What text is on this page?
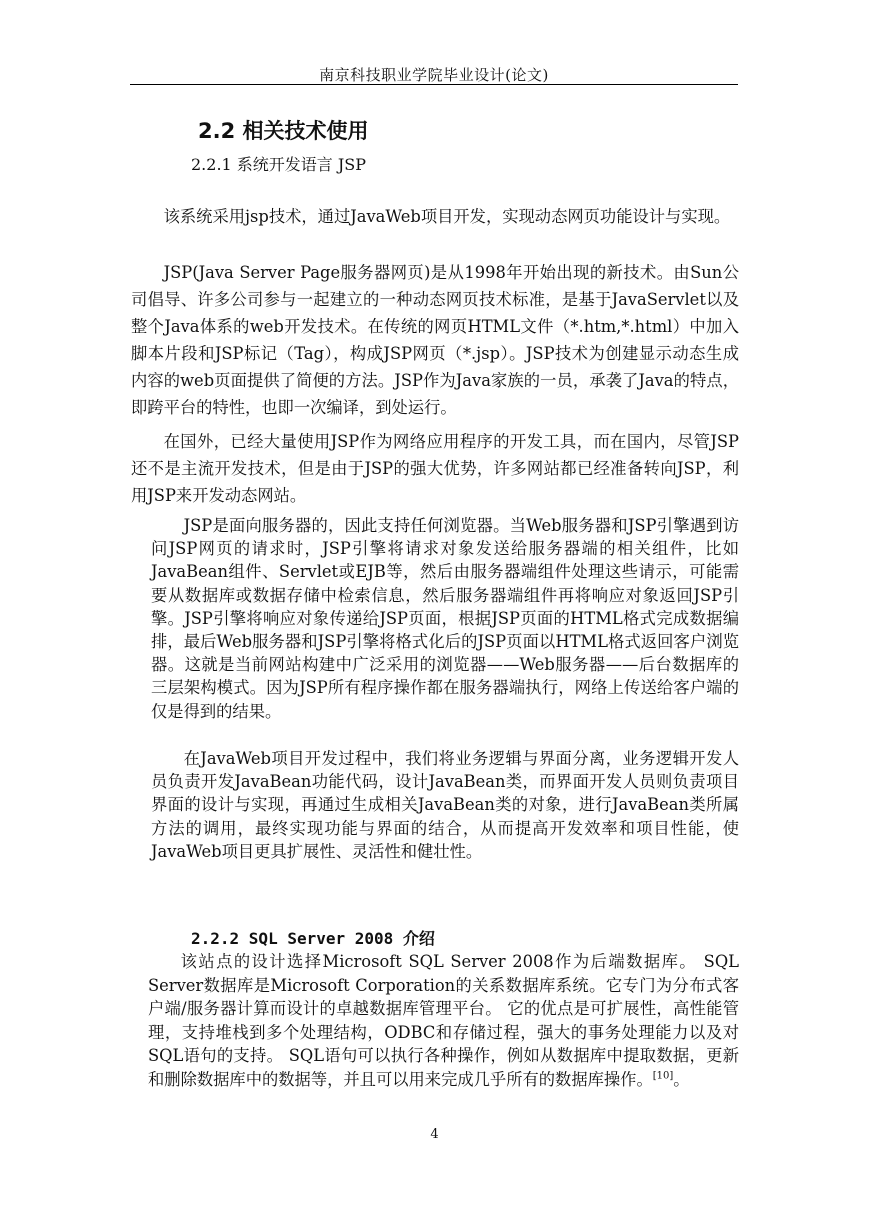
南京科技职业学院毕业设计(论文)
2.2 相关技术使用
2.2.1 系统开发语言 JSP

该系统采用jsp技术，通过JavaWeb项目开发，实现动态网页功能设计与实现。

JSP(Java Server Page服务器网页)是从1998年开始出现的新技术。由Sun公司倡导、许多公司参与一起建立的一种动态网页技术标准，是基于JavaServlet以及整个Java体系的web开发技术。在传统的网页HTML文件（*.htm,*.html）中加入脚本片段和JSP标记（Tag），构成JSP网页（*.jsp）。JSP技术为创建显示动态生成内容的web页面提供了简便的方法。JSP作为Java家族的一员，承袭了Java的特点，即跨平台的特性，也即一次编译，到处运行。

在国外，已经大量使用JSP作为网络应用程序的开发工具，而在国内，尽管JSP还不是主流开发技术，但是由于JSP的强大优势，许多网站都已经准备转向JSP，利用JSP来开发动态网站。

JSP是面向服务器的，因此支持任何浏览器。当Web服务器和JSP引擎遇到访问JSP网页的请求时，JSP引擎将请求对象发送给服务器端的相关组件，比如JavaBean组件、Servlet或EJB等，然后由服务器端组件处理这些请示，可能需要从数据库或数据存储中检索信息，然后服务器端组件再将响应对象返回JSP引擎。JSP引擎将响应对象传递给JSP页面，根据JSP页面的HTML格式完成数据编排，最后Web服务器和JSP引擎将格式化后的JSP页面以HTML格式返回客户浏览器。这就是当前网站构建中广泛采用的浏览器——Web服务器——后台数据库的三层架构模式。因为JSP所有程序操作都在服务器端执行，网络上传送给客户端的仅是得到的结果。

在JavaWeb项目开发过程中，我们将业务逻辑与界面分离，业务逻辑开发人员负责开发JavaBean功能代码，设计JavaBean类，而界面开发人员则负责项目界面的设计与实现，再通过生成相关JavaBean类的对象，进行JavaBean类所属方法的调用，最终实现功能与界面的结合，从而提高开发效率和项目性能，使JavaWeb项目更具扩展性、灵活性和健壮性。

2.2.2 SQL Server 2008 介绍

该站点的设计选择Microsoft SQL Server 2008作为后端数据库。 SQL Server数据库是Microsoft Corporation的关系数据库系统。它专门为分布式客户端/服务器计算而设计的卓越数据库管理平台。 它的优点是可扩展性，高性能管理，支持堆栈到多个处理结构，ODBC和存储过程，强大的事务处理能力以及对SQL语句的支持。 SQL语句可以执行各种操作，例如从数据库中提取数据，更新和删除数据库中的数据等，并且可以用来完成几乎所有的数据库操作。[10]。

4
